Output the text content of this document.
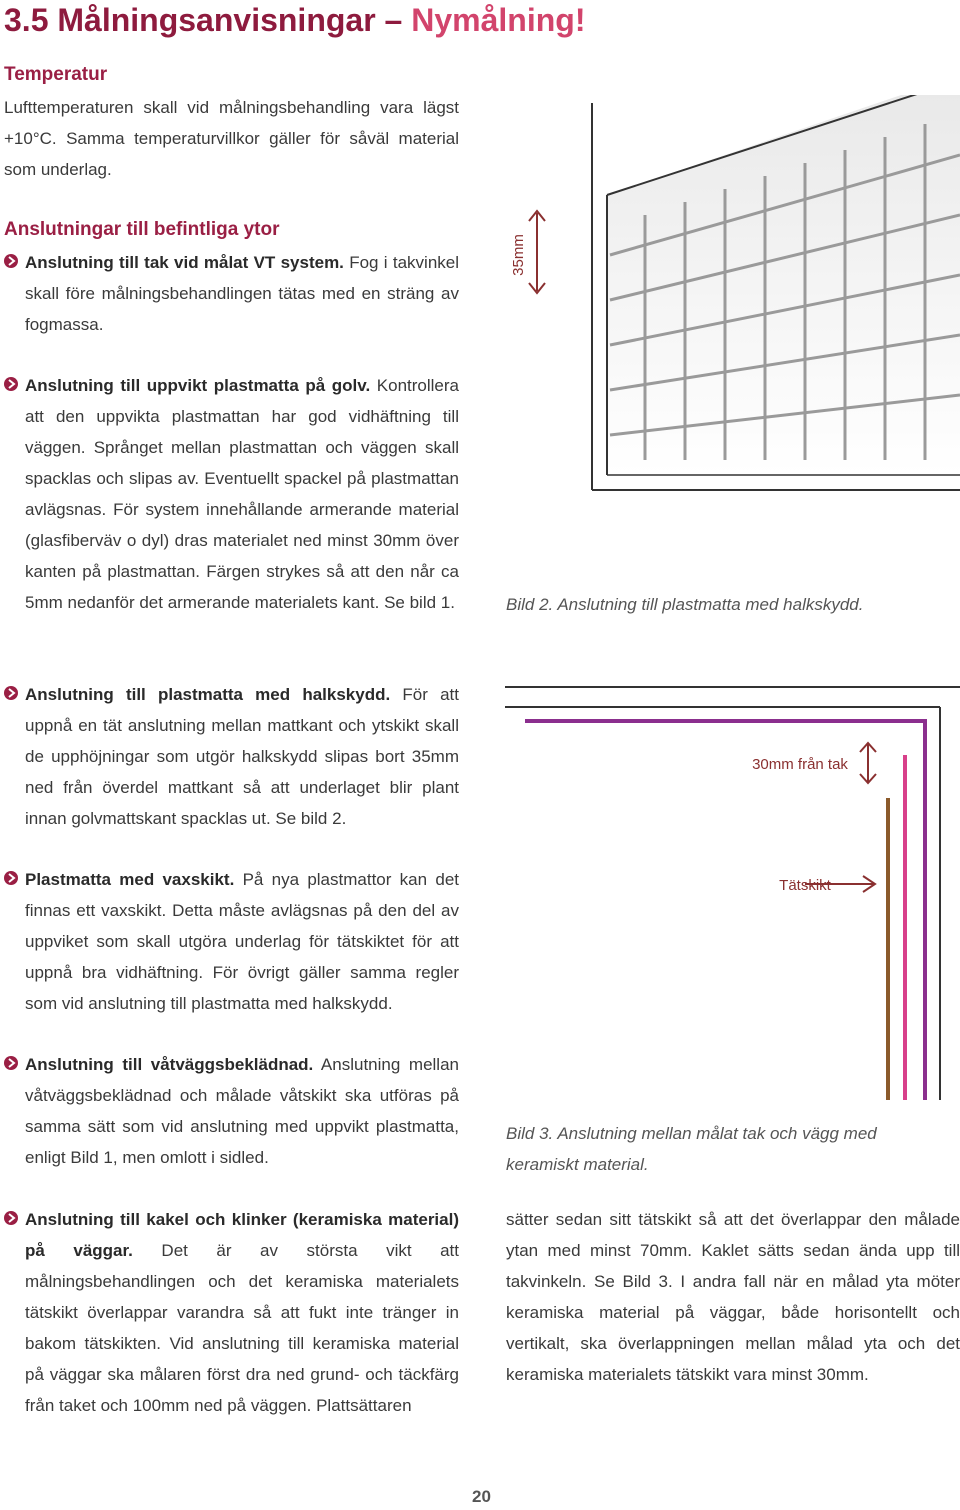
3.5 Målningsanvisningar – Nymålning!
Temperatur
Lufttemperaturen skall vid målningsbehandling vara lägst +10°C. Samma temperaturvillkor gäller för såväl material som underlag.
Anslutningar till befintliga ytor
Anslutning till tak vid målat VT system. Fog i takvinkel skall före målningsbehandlingen tätas med en sträng av fogmassa.
Anslutning till uppvikt plastmatta på golv. Kontrollera att den uppvikta plastmattan har god vidhäftning till väggen. Språnget mellan plastmattan och väggen skall spacklas och slipas av. Eventuellt spackel på plastmattan avlägsnas. För system innehållande armerande material (glasfiberväv o dyl) dras materialet ned minst 30mm över kanten på plastmattan. Färgen strykes så att den når ca 5mm nedanför det armerande materialets kant. Se bild 1.
Anslutning till plastmatta med halkskydd. För att uppnå en tät anslutning mellan mattkant och ytskikt skall de upphöjningar som utgör halkskydd slipas bort 35mm ned från överdel mattkant så att underlaget blir plant innan golvmattskant spacklas ut. Se bild 2.
Plastmatta med vaxskikt. På nya plastmattor kan det finnas ett vaxskikt. Detta måste avlägsnas på den del av uppviket som skall utgöra underlag för tätskiktet för att uppnå bra vidhäftning. För övrigt gäller samma regler som vid anslutning till plastmatta med halkskydd.
Anslutning till våtväggsbeklädnad. Anslutning mellan våtväggsbeklädnad och målade våtskikt ska utföras på samma sätt som vid anslutning med uppvikt plastmatta, enligt Bild 1, men omlott i sidled.
Anslutning till kakel och klinker (keramiska material) på väggar. Det är av största vikt att målningsbehandlingen och det keramiska materialets tätskikt överlappar varandra så att fukt inte tränger in bakom tätskikten. Vid anslutning till keramiska material på väggar ska målaren först dra ned grund- och täckfärg från taket och 100mm ned på väggen. Plattsättaren
sätter sedan sitt tätskikt så att det överlappar den målade ytan med minst 70mm. Kaklet sätts sedan ända upp till takvinkeln. Se Bild 3. I andra fall när en målad yta möter keramiska material på väggar, både horisontellt och vertikalt, ska överlappningen mellan målad yta och det keramiska materialets tätskikt vara minst 30mm.
35mm
Bild 2. Anslutning till plastmatta med halkskydd.
30mm från tak
Tätskikt
Bild 3. Anslutning mellan målat tak och vägg med keramiskt material.
20
